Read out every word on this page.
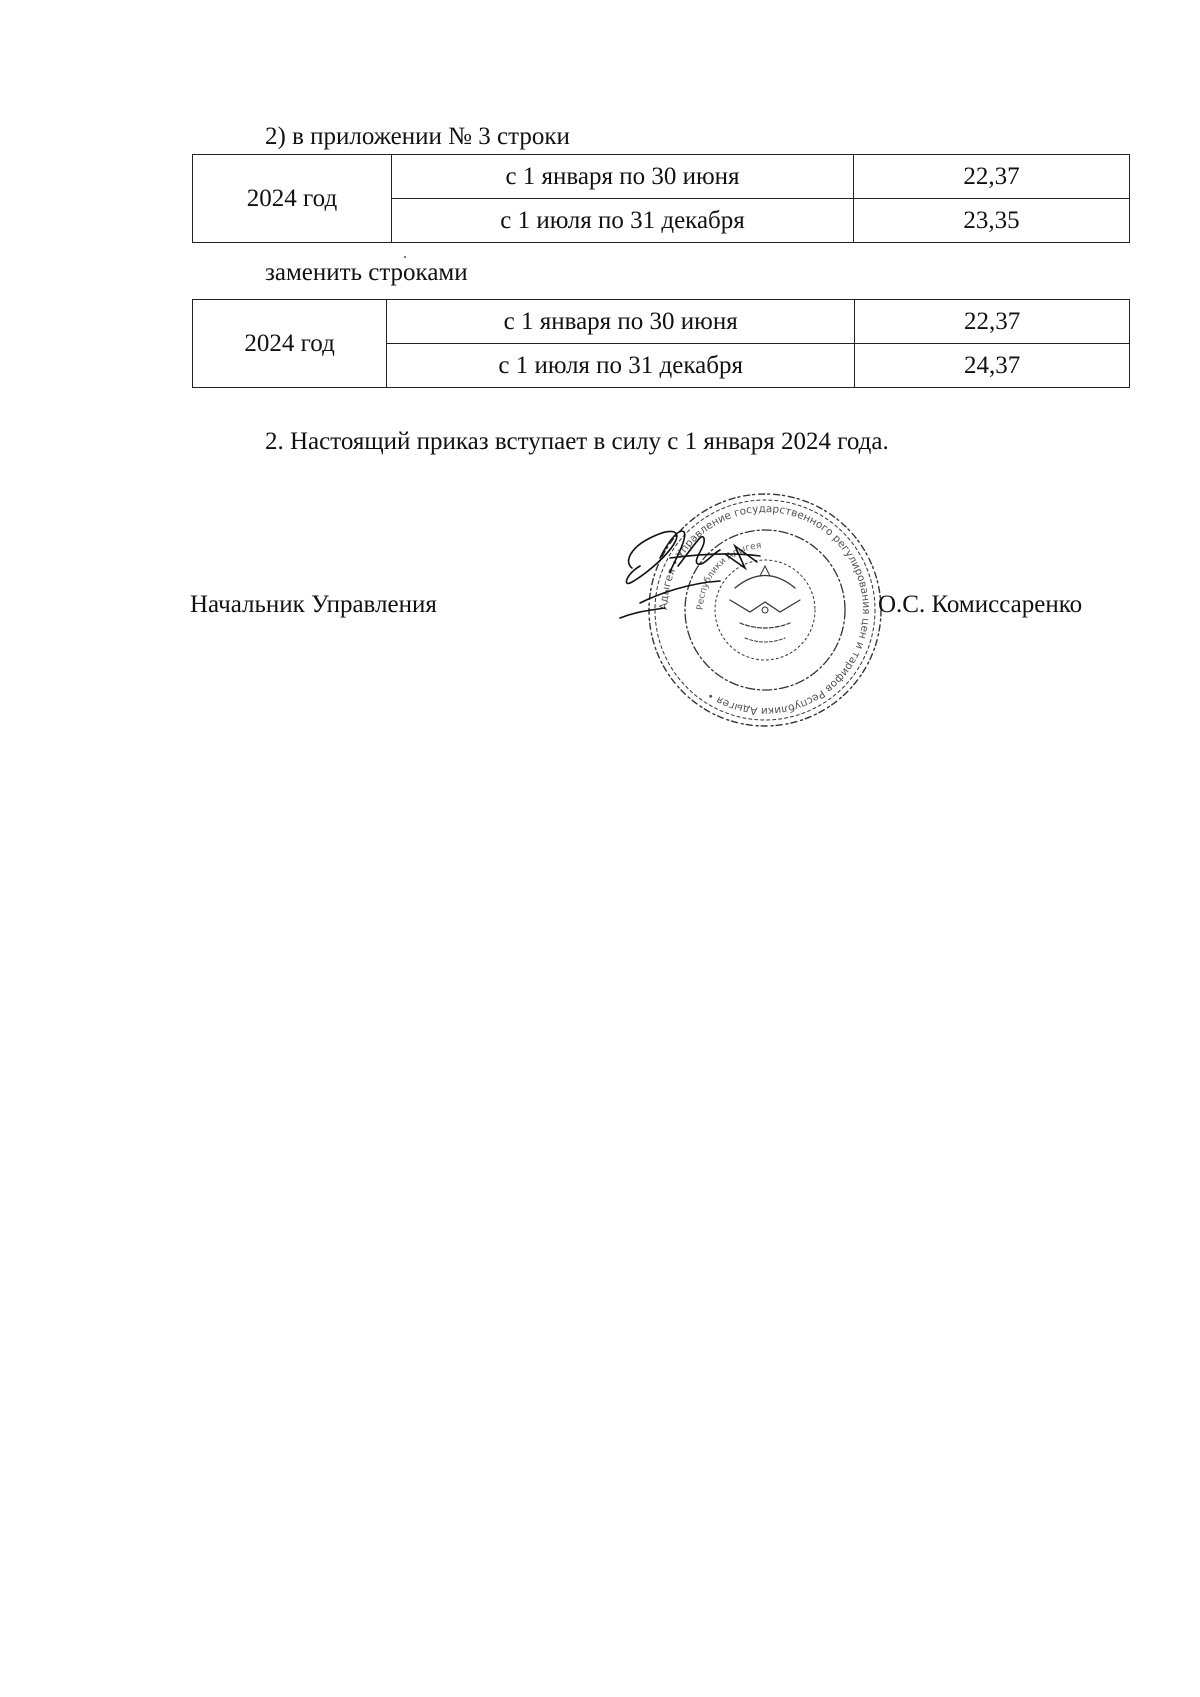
2) в приложении № 3 строки
2024 год	с 1 января по 30 июня	22,37
	с 1 июля по 31 декабря	23,35
заменить строками
2024 год	с 1 января по 30 июня	22,37
	с 1 июля по 31 декабря	24,37
2. Настоящий приказ вступает в силу с 1 января 2024 года.
Начальник Управления	Адыгея • Управление государственного регулирования цен и тарифов Республики Адыгея •
Республики Адыгея
О.С. Комиссаренко
